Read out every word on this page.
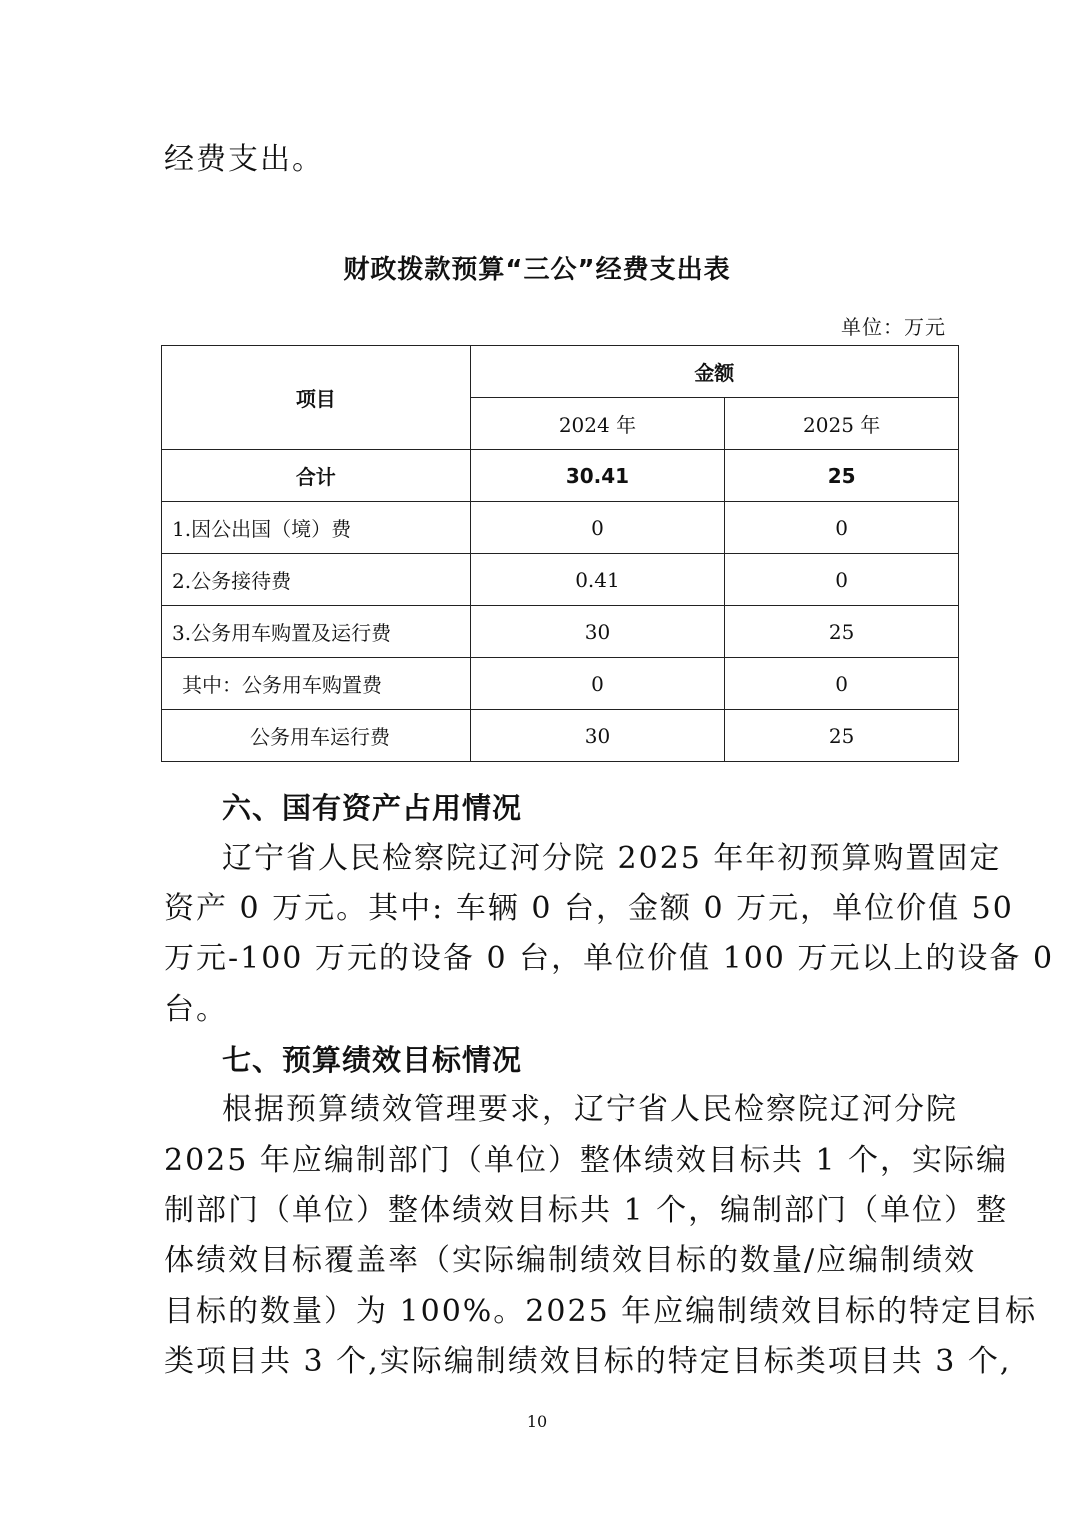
经费支出。
财政拨款预算“三公”经费支出表
单位：万元
项目	金额	
	2024 年	2025 年
合计	30.41	25
1.因公出国（境）费	0	0
2.公务接待费	0.41	0
3.公务用车购置及运行费	30	25
其中：公务用车购置费	0	0
公务用车运行费	30	25
六、国有资产占用情况
辽宁省人民检察院辽河分院 2025 年年初预算购置固定
资产 0 万元。其中: 车辆 0 台，金额 0 万元，单位价值 50
万元-100 万元的设备 0 台，单位价值 100 万元以上的设备 0
台。
七、预算绩效目标情况
根据预算绩效管理要求，辽宁省人民检察院辽河分院
2025 年应编制部门（单位）整体绩效目标共 1 个，实际编
制部门（单位）整体绩效目标共 1 个，编制部门（单位）整
体绩效目标覆盖率（实际编制绩效目标的数量/应编制绩效
目标的数量）为 100%。2025 年应编制绩效目标的特定目标
类项目共 3 个,实际编制绩效目标的特定目标类项目共 3 个,
10
